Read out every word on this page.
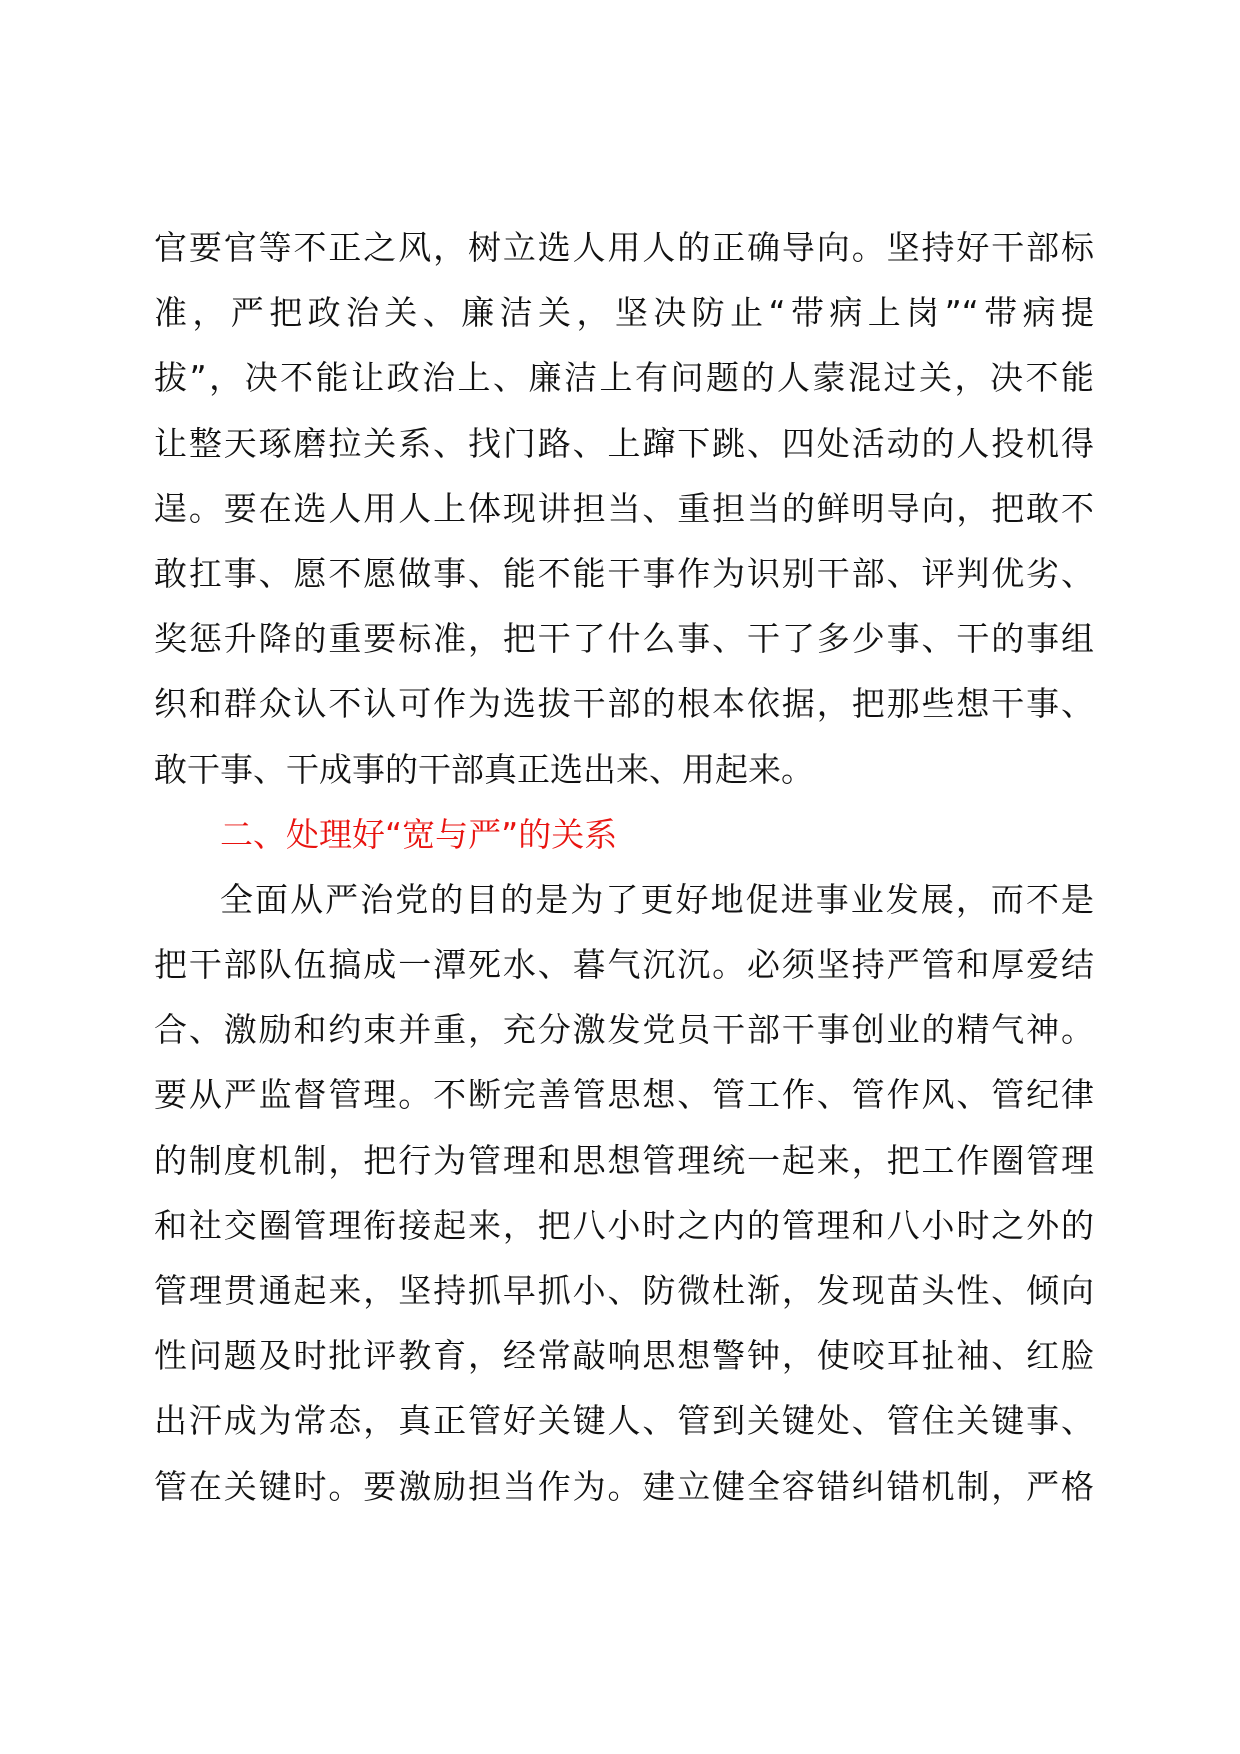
官要官等不正之风，树立选人用人的正确导向。坚持好干部标
准，严把政治关、廉洁关，坚决防止“带病上岗”“带病提
拔”，决不能让政治上、廉洁上有问题的人蒙混过关，决不能
让整天琢磨拉关系、找门路、上蹿下跳、四处活动的人投机得
逞。要在选人用人上体现讲担当、重担当的鲜明导向，把敢不
敢扛事、愿不愿做事、能不能干事作为识别干部、评判优劣、
奖惩升降的重要标准，把干了什么事、干了多少事、干的事组
织和群众认不认可作为选拔干部的根本依据，把那些想干事、
敢干事、干成事的干部真正选出来、用起来。
二、处理好“宽与严”的关系
全面从严治党的目的是为了更好地促进事业发展，而不是
把干部队伍搞成一潭死水、暮气沉沉。必须坚持严管和厚爱结
合、激励和约束并重，充分激发党员干部干事创业的精气神。
要从严监督管理。不断完善管思想、管工作、管作风、管纪律
的制度机制，把行为管理和思想管理统一起来，把工作圈管理
和社交圈管理衔接起来，把八小时之内的管理和八小时之外的
管理贯通起来，坚持抓早抓小、防微杜渐，发现苗头性、倾向
性问题及时批评教育，经常敲响思想警钟，使咬耳扯袖、红脸
出汗成为常态，真正管好关键人、管到关键处、管住关键事、
管在关键时。要激励担当作为。建立健全容错纠错机制，严格
